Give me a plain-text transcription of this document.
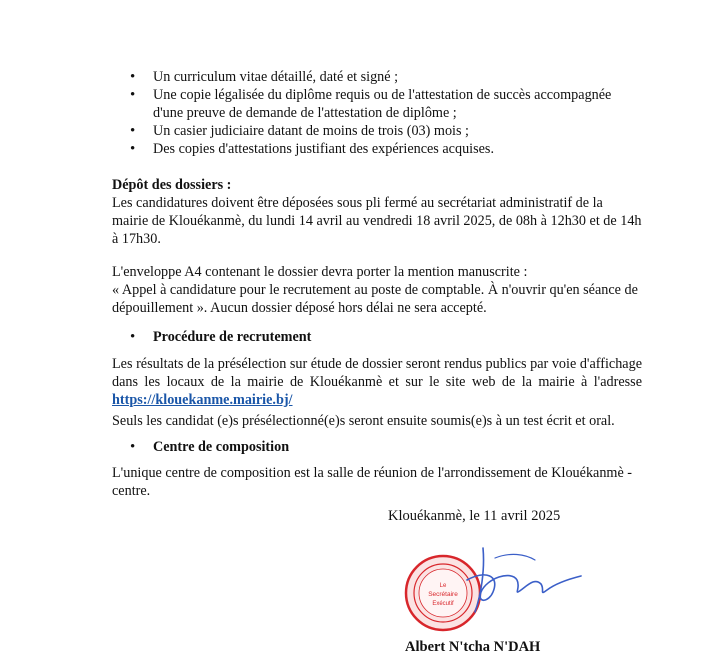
• Un curriculum vitae détaillé, daté et signé ;
• Une copie légalisée du diplôme requis ou de l'attestation de succès accompagnée d'une preuve de demande de l'attestation de diplôme ;
• Un casier judiciaire datant de moins de trois (03) mois ;
• Des copies d'attestations justifiant des expériences acquises.
Dépôt des dossiers :
Les candidatures doivent être déposées sous pli fermé au secrétariat administratif de la mairie de Klouékanmè, du lundi 14 avril au vendredi 18 avril 2025, de 08h à 12h30 et de 14h à 17h30.
L'enveloppe A4 contenant le dossier devra porter la mention manuscrite :
« Appel à candidature pour le recrutement au poste de comptable. À n'ouvrir qu'en séance de dépouillement ». Aucun dossier déposé hors délai ne sera accepté.
• Procédure de recrutement
Les résultats de la présélection sur étude de dossier seront rendus publics par voie d'affichage dans les locaux de la mairie de Klouékanmè et sur le site web de la mairie à l'adresse https://klouekanme.mairie.bj/
Seuls les candidat (e)s présélectionné(e)s seront ensuite soumis(e)s à un test écrit et oral.
• Centre de composition
L'unique centre de composition est la salle de réunion de l'arrondissement de Klouékanmè - centre.
Klouékanmè, le 11 avril 2025
Le
Secrétaire
Exécutif
Albert N'tcha N'DAH
